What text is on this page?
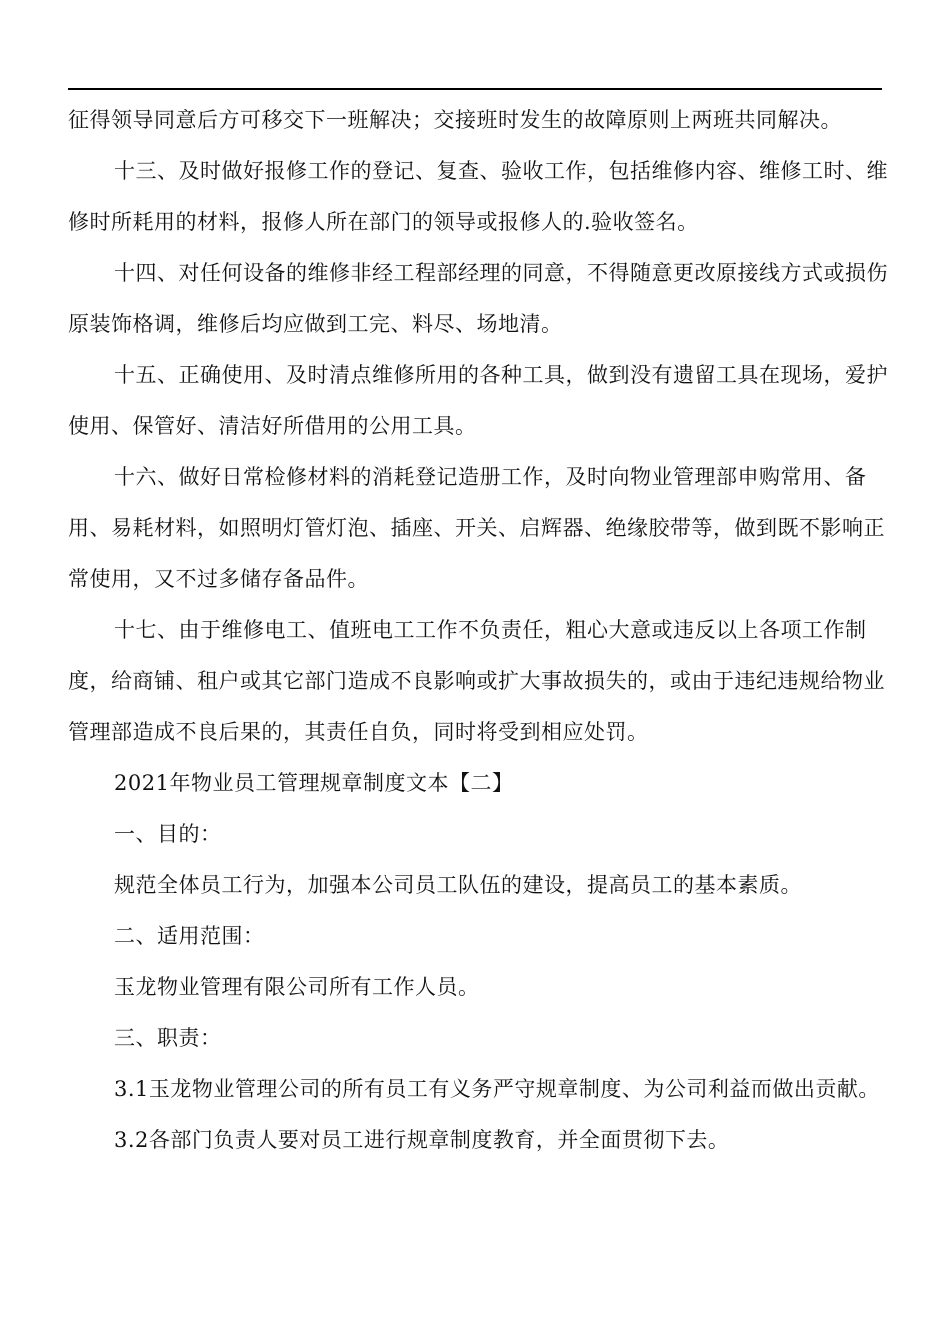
征得领导同意后方可移交下一班解决；交接班时发生的故障原则上两班共同解决。

十三、及时做好报修工作的登记、复查、验收工作，包括维修内容、维修工时、维修时所耗用的材料，报修人所在部门的领导或报修人的.验收签名。

十四、对任何设备的维修非经工程部经理的同意，不得随意更改原接线方式或损伤原装饰格调，维修后均应做到工完、料尽、场地清。

十五、正确使用、及时清点维修所用的各种工具，做到没有遗留工具在现场，爱护使用、保管好、清洁好所借用的公用工具。

十六、做好日常检修材料的消耗登记造册工作，及时向物业管理部申购常用、备用、易耗材料，如照明灯管灯泡、插座、开关、启辉器、绝缘胶带等，做到既不影响正常使用，又不过多储存备品件。

十七、由于维修电工、值班电工工作不负责任，粗心大意或违反以上各项工作制度，给商铺、租户或其它部门造成不良影响或扩大事故损失的，或由于违纪违规给物业管理部造成不良后果的，其责任自负，同时将受到相应处罚。

2021年物业员工管理规章制度文本【二】

一、目的：

规范全体员工行为，加强本公司员工队伍的建设，提高员工的基本素质。

二、适用范围：

玉龙物业管理有限公司所有工作人员。

三、职责：

3.1玉龙物业管理公司的所有员工有义务严守规章制度、为公司利益而做出贡献。

3.2各部门负责人要对员工进行规章制度教育，并全面贯彻下去。
